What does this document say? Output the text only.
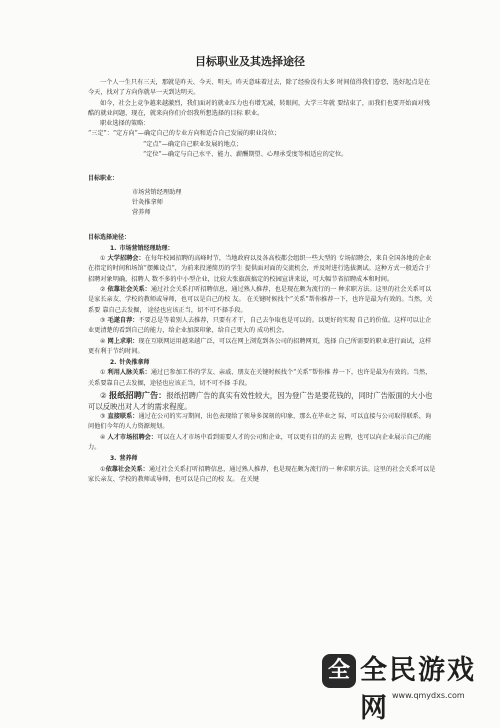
目标职业及其选择途径

一个人一生只有三天，那就是昨天、今天、明天。昨天意味着过去，除了经验没有太多 时间值得我们眷恋，选好起点是在今天，找对了方向你就早一天到达明天。

如今，社会上竞争越来越激烈，我们面对的就业压力也有增无减，转眼间，大学三年就 要结束了，而我们也要开始面对残酷的就业问题，现在，就来向你们介绍我所想选择的目标 职业。

职业选择的策略：

“三定”：“定方向”—确定自己的专业方向和适合自己发展的职业岗位；

“定点”—确定自己职业发展的地点；

“定位”—确定与自己水平、能力、薪酬期望、心理承受度等相适应的定位。

目标职业：

市场营销经理助理

针灸推拿师

营养师

目标选择途径：

1. 市场营销经理助理：

① 大学招聘会：在每年校园招聘的高峰时节，当地政府以及各高校都会组织一些大型的 专场招聘会，来自全国各地的企业在指定的时间和场馆“摆摊设点”，为前来投递简历的学生 提供面对面的交流机会，并及时进行选拔测试。这种方式一般适合于招聘对象明确，招聘人 数不多的中小型企业，比较大张旗鼓搞定的校园宣讲来说，可大幅节省招聘成本和时间。

② 依靠社会关系：通过社会关系打听招聘信息，通过熟人推荐，也是现在颇为流行的一 种求职方法。这里的社会关系可以是家长亲友、学校的教师或导师，也可以是自己的校 友。 在关键时候找个“关系”帮你推荐一下，也许是最为有效的。当然，关系要 靠自己去发掘， 途径也应该正当，切不可不择手段。

③ 毛遂自荐：不要总是等着别人去推荐，只要有才干，自己去争取也是可以的。以更好的实现 自己的价值。这样可以让企业更清楚的看到自己的能力，给企业加深印象，给自己更大的 成功机会。

④ 网上求职：现在互联网运用越来越广泛，可以在网上浏览到各公司的招聘网页，选择 自己所需要的职业进行面试，这样更有利于节约时间。

2. 针灸推拿师

① 利用人脉关系：通过已参加工作的学友、亲戚、朋友在关键时候找个“关系”帮你推 荐一下，也许是最为有效的。当然，关系要靠自己去发掘，途径也应该正当，切不可不择 手段。

② 报纸招聘广告：报纸招聘广告的真实有效性较大，因为登广告是要花钱的，同时广告版面的大小也可以反映出对人才的需求程度。

③ 直接联系：通过在公司的实习期间，出色表现给了领导多深刻的印象，那么在毕业之 际，可以直接与公司取得联系，询问他们今年的人力资源规划。

④ 人才市场招聘会：可以在人才市场中看到需要人才的公司和企业，可以更有目的的去 应聘，也可以向企业展示自己的能力。

3. 营养师

①依靠社会关系：通过社会关系打听招聘信息，通过熟人推荐，也是现在颇为流行的一 种求职方法。这里的社会关系可以是家长亲友、学校的教师或导师，也可以是自己的校 友。 在关键

全 全民游戏网 www.qmydxs.com
